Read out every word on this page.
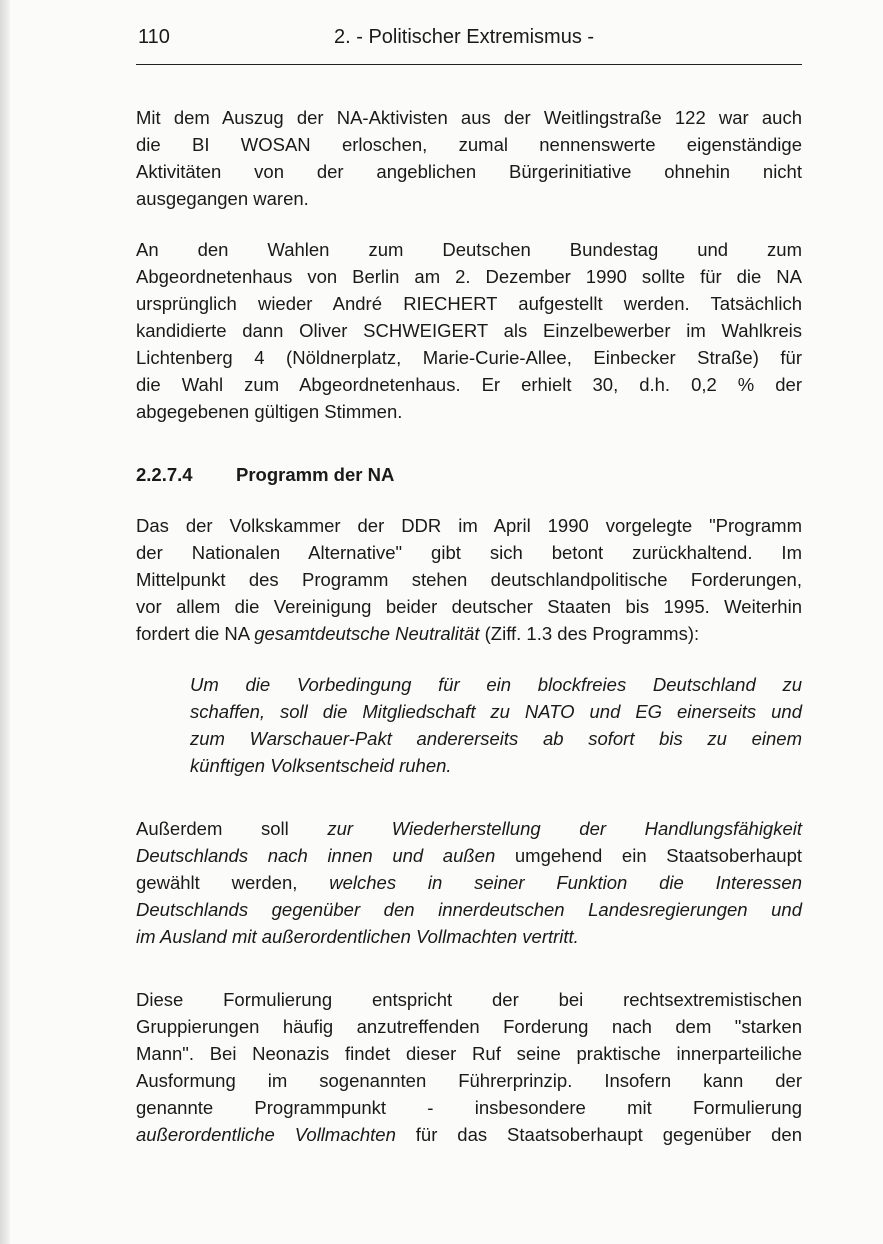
110	2. - Politischer Extremismus -

Mit dem Auszug der NA-Aktivisten aus der Weitlingstraße 122 war auch
die BI WOSAN erloschen, zumal nennenswerte eigenständige
Aktivitäten von der angeblichen Bürgerinitiative ohnehin nicht
ausgegangen waren.

An den Wahlen zum Deutschen Bundestag und zum
Abgeordnetenhaus von Berlin am 2. Dezember 1990 sollte für die NA
ursprünglich wieder André RIECHERT aufgestellt werden. Tatsächlich
kandidierte dann Oliver SCHWEIGERT als Einzelbewerber im Wahlkreis
Lichtenberg 4 (Nöldnerplatz, Marie-Curie-Allee, Einbecker Straße) für
die Wahl zum Abgeordnetenhaus. Er erhielt 30, d.h. 0,2 % der
abgegebenen gültigen Stimmen.

2.2.7.4 Programm der NA

Das der Volkskammer der DDR im April 1990 vorgelegte "Programm
der Nationalen Alternative" gibt sich betont zurückhaltend. Im
Mittelpunkt des Programm stehen deutschlandpolitische Forderungen,
vor allem die Vereinigung beider deutscher Staaten bis 1995. Weiterhin
fordert die NA gesamtdeutsche Neutralität (Ziff. 1.3 des Programms):

Um die Vorbedingung für ein blockfreies Deutschland zu
schaffen, soll die Mitgliedschaft zu NATO und EG einerseits und
zum Warschauer-Pakt andererseits ab sofort bis zu einem
künftigen Volksentscheid ruhen.

Außerdem soll zur Wiederherstellung der Handlungsfähigkeit
Deutschlands nach innen und außen umgehend ein Staatsoberhaupt
gewählt werden, welches in seiner Funktion die Interessen
Deutschlands gegenüber den innerdeutschen Landesregierungen und
im Ausland mit außerordentlichen Vollmachten vertritt.

Diese Formulierung entspricht der bei rechtsextremistischen
Gruppierungen häufig anzutreffenden Forderung nach dem "starken
Mann". Bei Neonazis findet dieser Ruf seine praktische innerparteiliche
Ausformung im sogenannten Führerprinzip. Insofern kann der
genannte Programmpunkt - insbesondere mit Formulierung
außerordentliche Vollmachten für das Staatsoberhaupt gegenüber den
